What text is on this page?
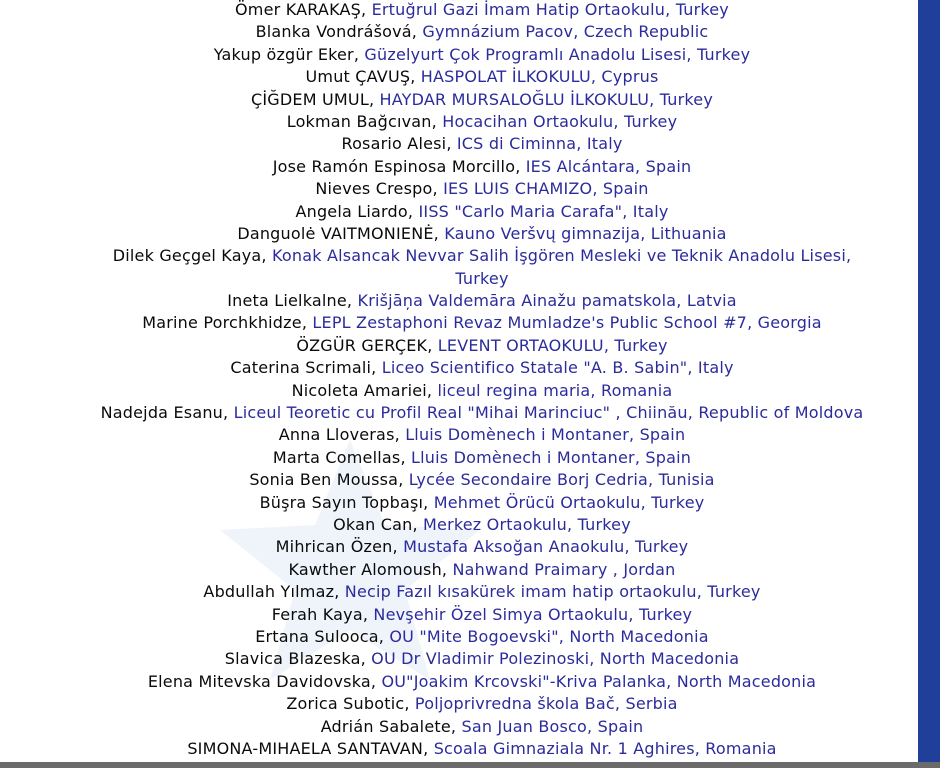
Ömer KARAKAŞ, Ertuğrul Gazi İmam Hatip Ortaokulu, Turkey
Blanka Vondrášová, Gymnázium Pacov, Czech Republic
Yakup özgür Eker, Güzelyurt Çok Programlı Anadolu Lisesi, Turkey
Umut ÇAVUŞ, HASPOLAT İLKOKULU, Cyprus
ÇİĞDEM UMUL, HAYDAR MURSALOĞLU İLKOKULU, Turkey
Lokman Bağcıvan, Hocacihan Ortaokulu, Turkey
Rosario Alesi, ICS di Ciminna, Italy
Jose Ramón Espinosa Morcillo, IES Alcántara, Spain
Nieves Crespo, IES LUIS CHAMIZO, Spain
Angela Liardo, IISS "Carlo Maria Carafa", Italy
Danguolė VAITMONIENĖ, Kauno Veršvų gimnazija, Lithuania
Dilek Geçgel Kaya, Konak Alsancak Nevvar Salih İşgören Mesleki ve Teknik Anadolu Lisesi,
Turkey
Ineta Lielkalne, Krišjāņa Valdemāra Ainažu pamatskola, Latvia
Marine Porchkhidze, LEPL Zestaphoni Revaz Mumladze's Public School #7, Georgia
ÖZGÜR GERÇEK, LEVENT ORTAOKULU, Turkey
Caterina Scrimali, Liceo Scientifico Statale "A. B. Sabin", Italy
Nicoleta Amariei, liceul regina maria, Romania
Nadejda Esanu, Liceul Teoretic cu Profil Real "Mihai Marinciuc" , Chiinău, Republic of Moldova
Anna Lloveras, Lluis Domènech i Montaner, Spain
Marta Comellas, Lluis Domènech i Montaner, Spain
Sonia Ben Moussa, Lycée Secondaire Borj Cedria, Tunisia
Büşra Sayın Topbaşı, Mehmet Örücü Ortaokulu, Turkey
Okan Can, Merkez Ortaokulu, Turkey
Mihrican Özen, Mustafa Aksoğan Anaokulu, Turkey
Kawther Alomoush, Nahwand Praimary , Jordan
Abdullah Yılmaz, Necip Fazıl kısakürek imam hatip ortaokulu, Turkey
Ferah Kaya, Nevşehir Özel Simya Ortaokulu, Turkey
Ertana Sulooca, OU "Mite Bogoevski", North Macedonia
Slavica Blazeska, OU Dr Vladimir Polezinoski, North Macedonia
Elena Mitevska Davidovska, OU"Joakim Krcovski"-Kriva Palanka, North Macedonia
Zorica Subotic, Poljoprivredna škola Bač, Serbia
Adrián Sabalete, San Juan Bosco, Spain
SIMONA-MIHAELA SANTAVAN, Scoala Gimnaziala Nr. 1 Aghires, Romania
